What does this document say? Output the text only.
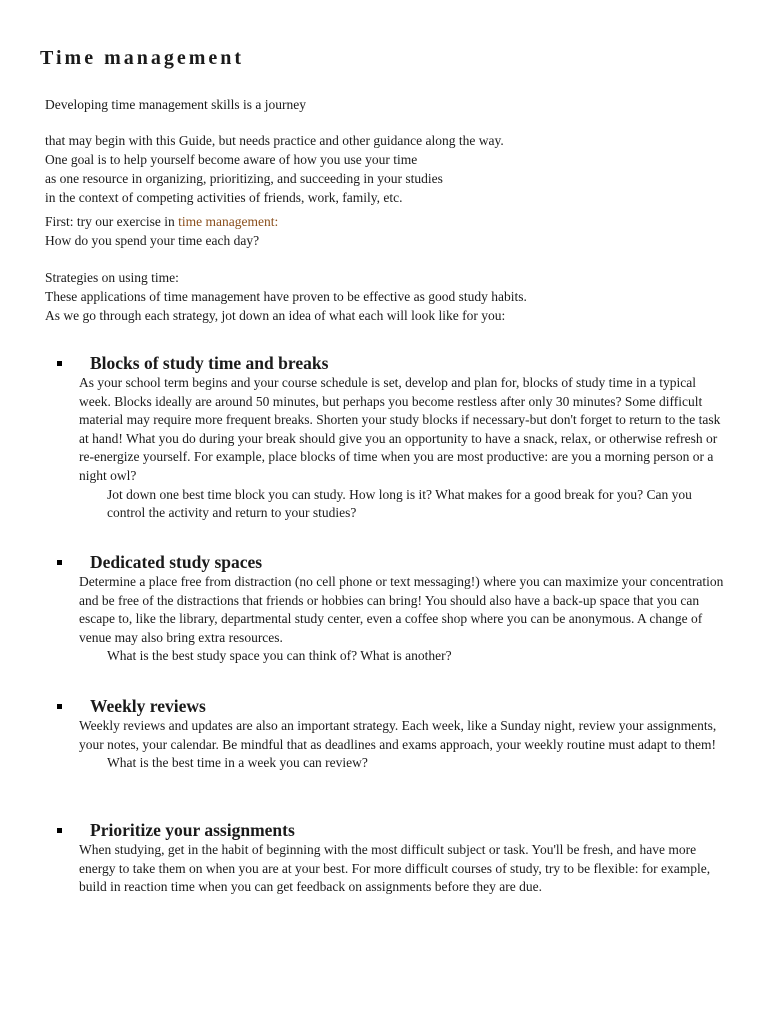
Time management

Developing time management skills is a journey

that may begin with this Guide, but needs practice and other guidance along the way.

One goal is to help yourself become aware of how you use your time

as one resource in organizing, prioritizing, and succeeding in your studies

in the context of competing activities of friends, work, family, etc.

First: try our exercise in time management:

How do you spend your time each day?

Strategies on using time:

These applications of time management have proven to be effective as good study habits.

As we go through each strategy, jot down an idea of what each will look like for you:

Blocks of study time and breaks

As your school term begins and your course schedule is set, develop and plan for, blocks of study time in a typical week. Blocks ideally are around 50 minutes, but perhaps you become restless after only 30 minutes? Some difficult material may require more frequent breaks. Shorten your study blocks if necessary-but don't forget to return to the task at hand! What you do during your break should give you an opportunity to have a snack, relax, or otherwise refresh or re-energize yourself. For example, place blocks of time when you are most productive: are you a morning person or a night owl?

Jot down one best time block you can study. How long is it? What makes for a good break for you? Can you control the activity and return to your studies?

Dedicated study spaces

Determine a place free from distraction (no cell phone or text messaging!) where you can maximize your concentration and be free of the distractions that friends or hobbies can bring! You should also have a back-up space that you can escape to, like the library, departmental study center, even a coffee shop where you can be anonymous. A change of venue may also bring extra resources.

What is the best study space you can think of? What is another?

Weekly reviews

Weekly reviews and updates are also an important strategy. Each week, like a Sunday night, review your assignments, your notes, your calendar. Be mindful that as deadlines and exams approach, your weekly routine must adapt to them!

What is the best time in a week you can review?

Prioritize your assignments

When studying, get in the habit of beginning with the most difficult subject or task. You'll be fresh, and have more energy to take them on when you are at your best. For more difficult courses of study, try to be flexible: for example, build in reaction time when you can get feedback on assignments before they are due.
